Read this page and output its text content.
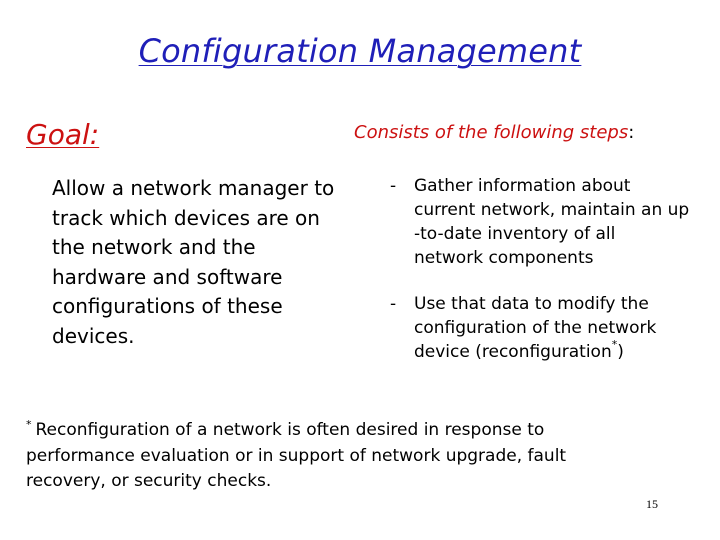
Configuration Management
Goal:
Allow a network manager to track which devices are on the network and the hardware and software configurations of these devices.
Consists of the following steps:
- Gather information about
current network, maintain an up
-to-date inventory of all
network components
- Use that data to modify the
configuration of the network
device (reconfiguration*)
* Reconfiguration of a network is often desired in response to performance evaluation or in support of network upgrade, fault recovery, or security checks.
15
